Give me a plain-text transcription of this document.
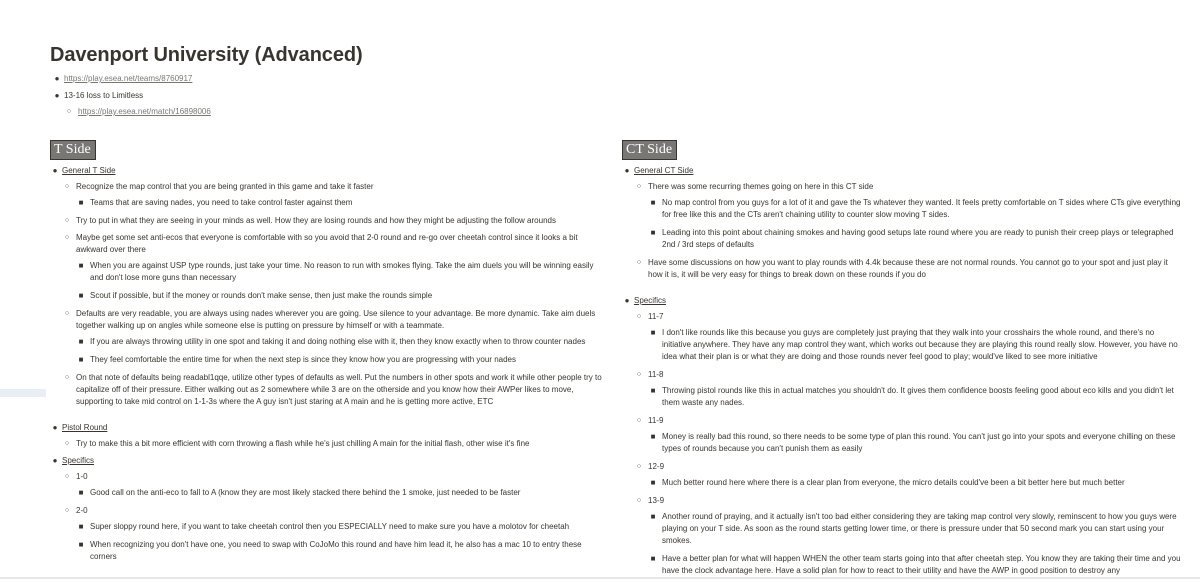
Davenport University (Advanced)
● https://play.esea.net/teams/8760917
● 13-16 loss to Limitless
○ https://play.esea.net/match/16898006
T Side
● General T Side
○ Recognize the map control that you are being granted in this game and take it faster
■ Teams that are saving nades, you need to take control faster against them
○ Try to put in what they are seeing in your minds as well. How they are losing rounds and how they might be adjusting the follow arounds
○ Maybe get some set anti-ecos that everyone is comfortable with so you avoid that 2-0 round and re-go over cheetah control since it looks a bit awkward over there
■ When you are against USP type rounds, just take your time. No reason to run with smokes flying. Take the aim duels you will be winning easily and don't lose more guns than necessary
■ Scout if possible, but if the money or rounds don't make sense, then just make the rounds simple
○ Defaults are very readable, you are always using nades wherever you are going. Use silence to your advantage. Be more dynamic. Take aim duels together walking up on angles while someone else is putting on pressure by himself or with a teammate.
■ If you are always throwing utility in one spot and taking it and doing nothing else with it, then they know exactly when to throw counter nades
■ They feel comfortable the entire time for when the next step is since they know how you are progressing with your nades
○ On that note of defaults being readabl1qqe, utilize other types of defaults as well. Put the numbers in other spots and work it while other people try to capitalize off of their pressure. Either walking out as 2 somewhere while 3 are on the otherside and you know how their AWPer likes to move, supporting to take mid control on 1-1-3s where the A guy isn't just staring at A main and he is getting more active, ETC
● Pistol Round
○ Try to make this a bit more efficient with corn throwing a flash while he's just chilling A main for the initial flash, other wise it's fine
● Specifics
○ 1-0
■ Good call on the anti-eco to fall to A (know they are most likely stacked there behind the 1 smoke, just needed to be faster
○ 2-0
■ Super sloppy round here, if you want to take cheetah control then you ESPECIALLY need to make sure you have a molotov for cheetah
■ When recognizing you don't have one, you need to swap with CoJoMo this round and have him lead it, he also has a mac 10 to entry these corners
CT Side
● General CT Side
○ There was some recurring themes going on here in this CT side
■ No map control from you guys for a lot of it and gave the Ts whatever they wanted. It feels pretty comfortable on T sides where CTs give everything for free like this and the CTs aren't chaining utility to counter slow moving T sides.
■ Leading into this point about chaining smokes and having good setups late round where you are ready to punish their creep plays or telegraphed 2nd / 3rd steps of defaults
○ Have some discussions on how you want to play rounds with 4.4k because these are not normal rounds. You cannot go to your spot and just play it how it is, it will be very easy for things to break down on these rounds if you do
● Specifics
○ 11-7
■ I don't like rounds like this because you guys are completely just praying that they walk into your crosshairs the whole round, and there's no initiative anywhere. They have any map control they want, which works out because they are playing this round really slow. However, you have no idea what their plan is or what they are doing and those rounds never feel good to play; would've liked to see more initiative
○ 11-8
■ Throwing pistol rounds like this in actual matches you shouldn't do. It gives them confidence boosts feeling good about eco kills and you didn't let them waste any nades.
○ 11-9
■ Money is really bad this round, so there needs to be some type of plan this round. You can't just go into your spots and everyone chilling on these types of rounds because you can't punish them as easily
○ 12-9
■ Much better round here where there is a clear plan from everyone, the micro details could've been a bit better here but much better
○ 13-9
■ Another round of praying, and it actually isn't too bad either considering they are taking map control very slowly, reminscent to how you guys were playing on your T side. As soon as the round starts getting lower time, or there is pressure under that 50 second mark you can start using your smokes.
■ Have a better plan for what will happen WHEN the other team starts going into that after cheetah step. You know they are taking their time and you have the clock advantage here. Have a solid plan for how to react to their utility and have the AWP in good position to destroy any
